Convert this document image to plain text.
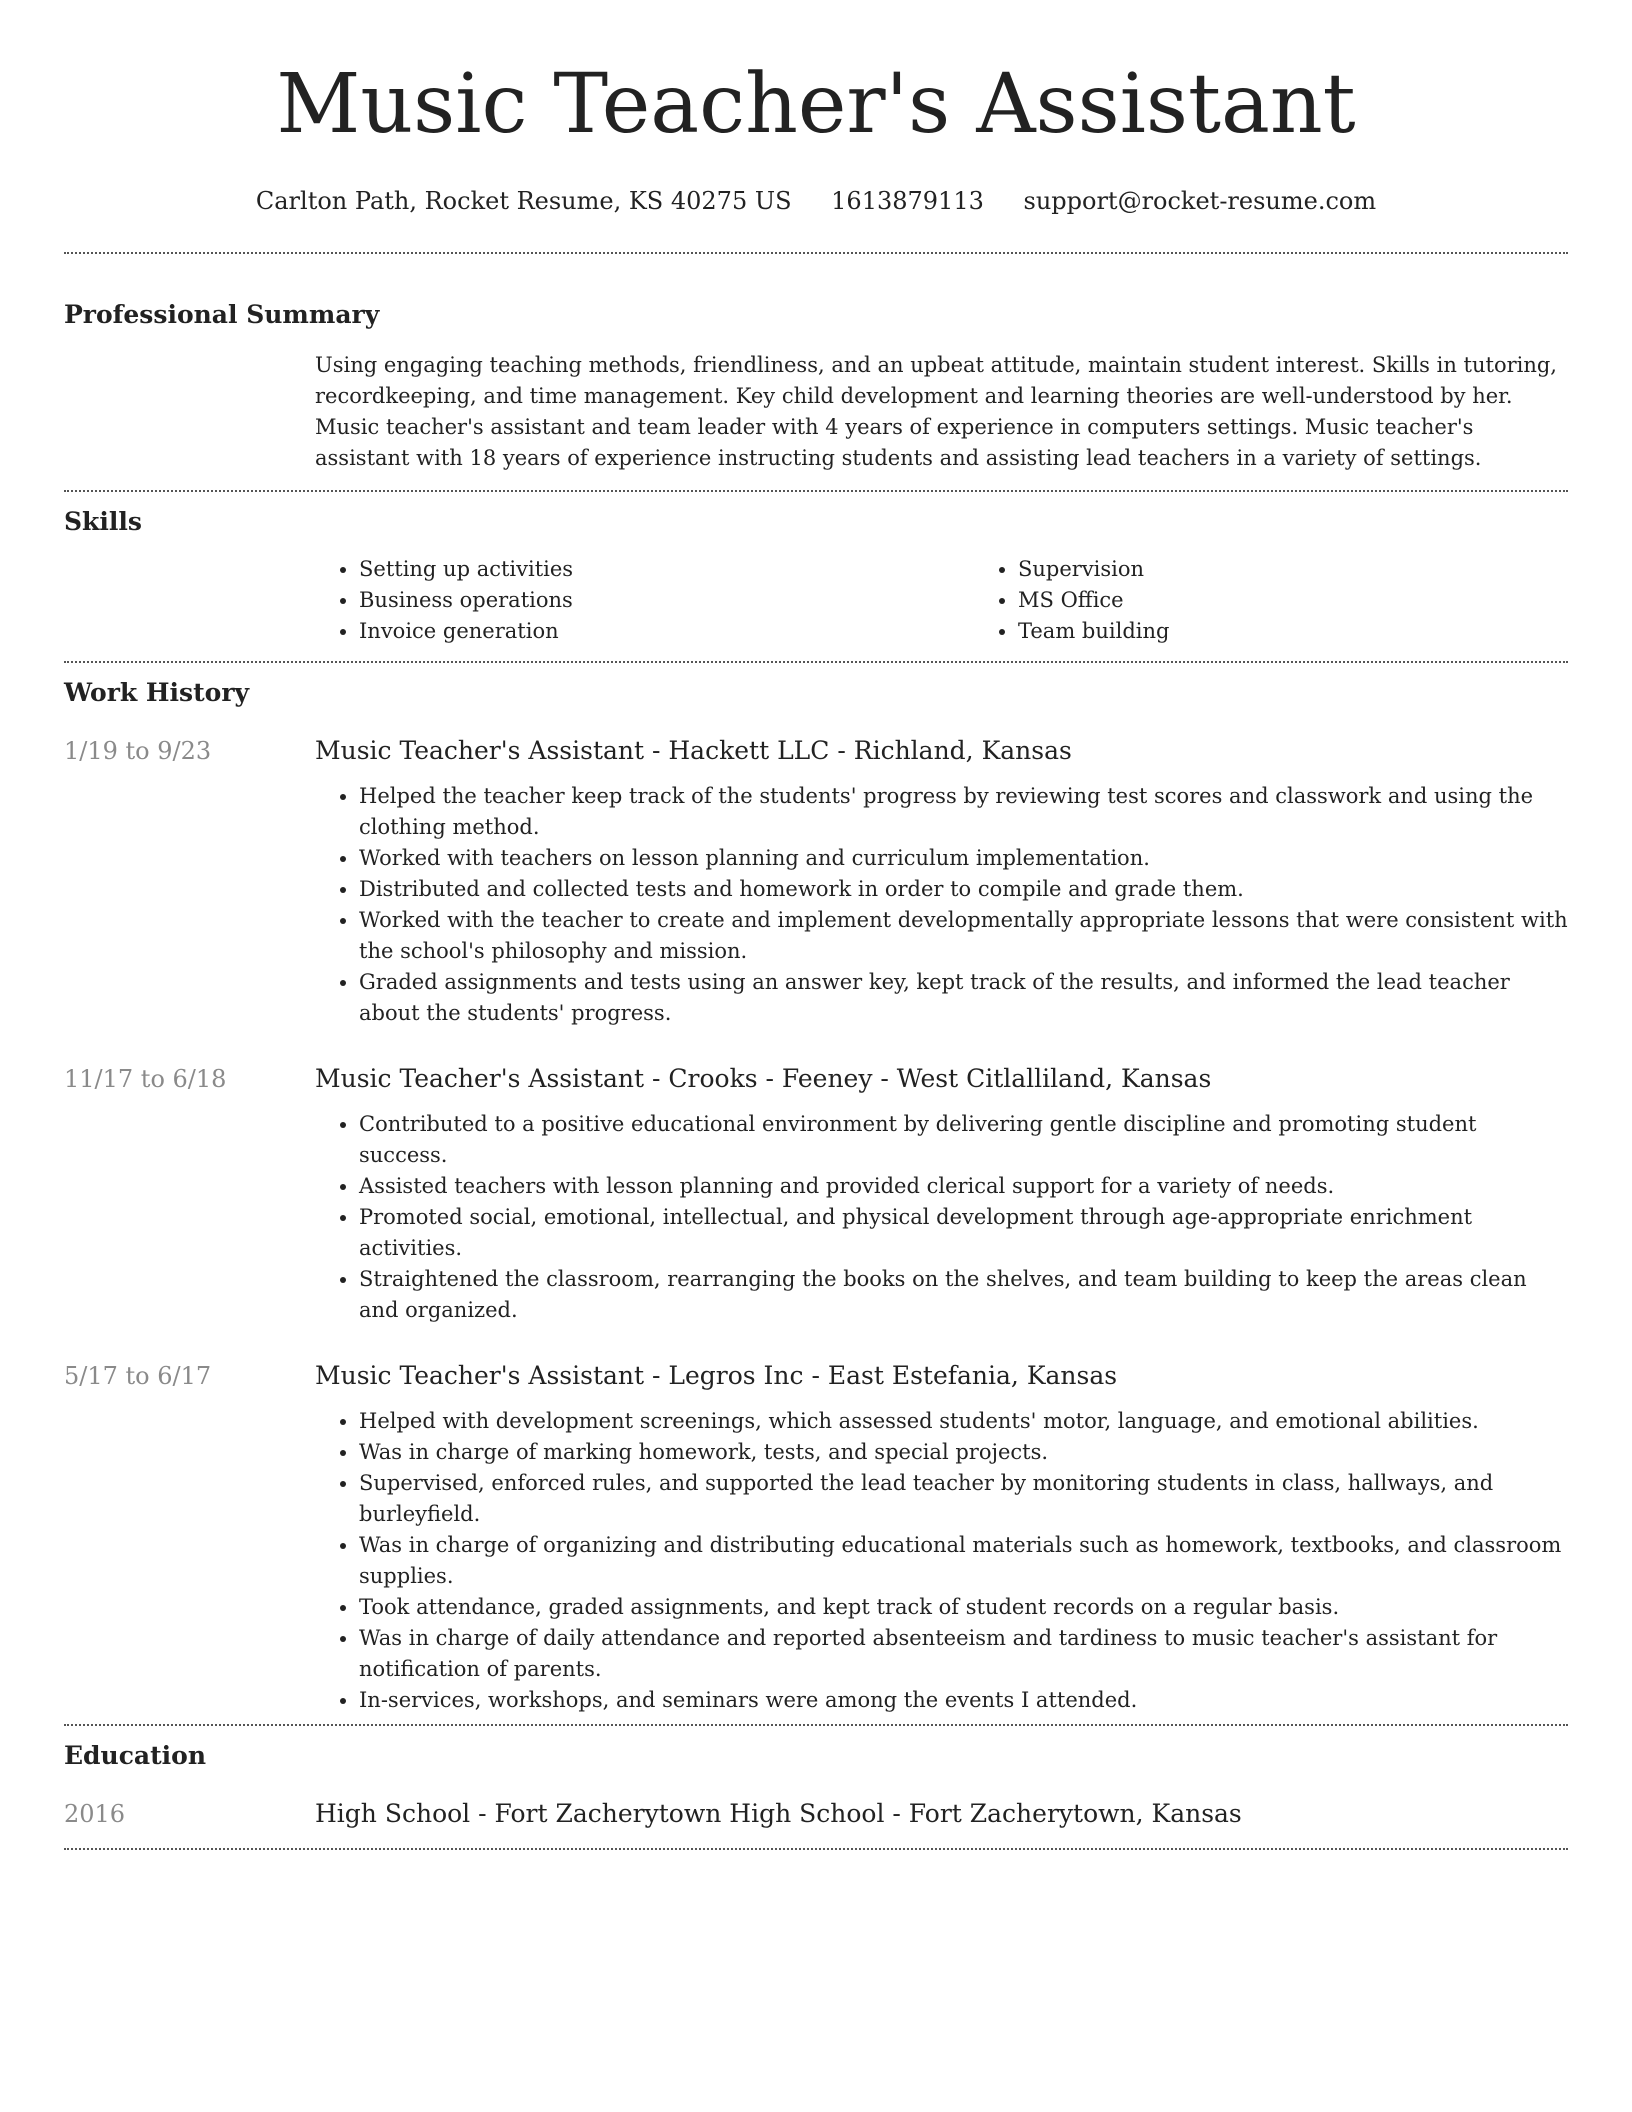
Music Teacher's Assistant
Carlton Path, Rocket Resume, KS 40275 US 1613879113 support@rocket-resume.com
Professional Summary

Using engaging teaching methods, friendliness, and an upbeat attitude, maintain student interest. Skills in tutoring, recordkeeping, and time management. Key child development and learning theories are well-understood by her. Music teacher's assistant and team leader with 4 years of experience in computers settings. Music teacher's assistant with 18 years of experience instructing students and assisting lead teachers in a variety of settings.

Skills
• Setting up activities
• Business operations
• Invoice generation
• Supervision
• MS Office
• Team building
Work History
1/19 to 9/23	Music Teacher's Assistant - Hackett LLC - Richland, Kansas
• Helped the teacher keep track of the students' progress by reviewing test scores and classwork and using the clothing method.
• Worked with teachers on lesson planning and curriculum implementation.
• Distributed and collected tests and homework in order to compile and grade them.
• Worked with the teacher to create and implement developmentally appropriate lessons that were consistent with the school's philosophy and mission.
• Graded assignments and tests using an answer key, kept track of the results, and informed the lead teacher about the students' progress.
11/17 to 6/18	Music Teacher's Assistant - Crooks - Feeney - West Citlalliland, Kansas
• Contributed to a positive educational environment by delivering gentle discipline and promoting student success.
• Assisted teachers with lesson planning and provided clerical support for a variety of needs.
• Promoted social, emotional, intellectual, and physical development through age-appropriate enrichment activities.
• Straightened the classroom, rearranging the books on the shelves, and team building to keep the areas clean and organized.
5/17 to 6/17	Music Teacher's Assistant - Legros Inc - East Estefania, Kansas
• Helped with development screenings, which assessed students' motor, language, and emotional abilities.
• Was in charge of marking homework, tests, and special projects.
• Supervised, enforced rules, and supported the lead teacher by monitoring students in class, hallways, and burleyfield.
• Was in charge of organizing and distributing educational materials such as homework, textbooks, and classroom supplies.
• Took attendance, graded assignments, and kept track of student records on a regular basis.
• Was in charge of daily attendance and reported absenteeism and tardiness to music teacher's assistant for notification of parents.
• In-services, workshops, and seminars were among the events I attended.
Education
2016	High School - Fort Zacherytown High School - Fort Zacherytown, Kansas
